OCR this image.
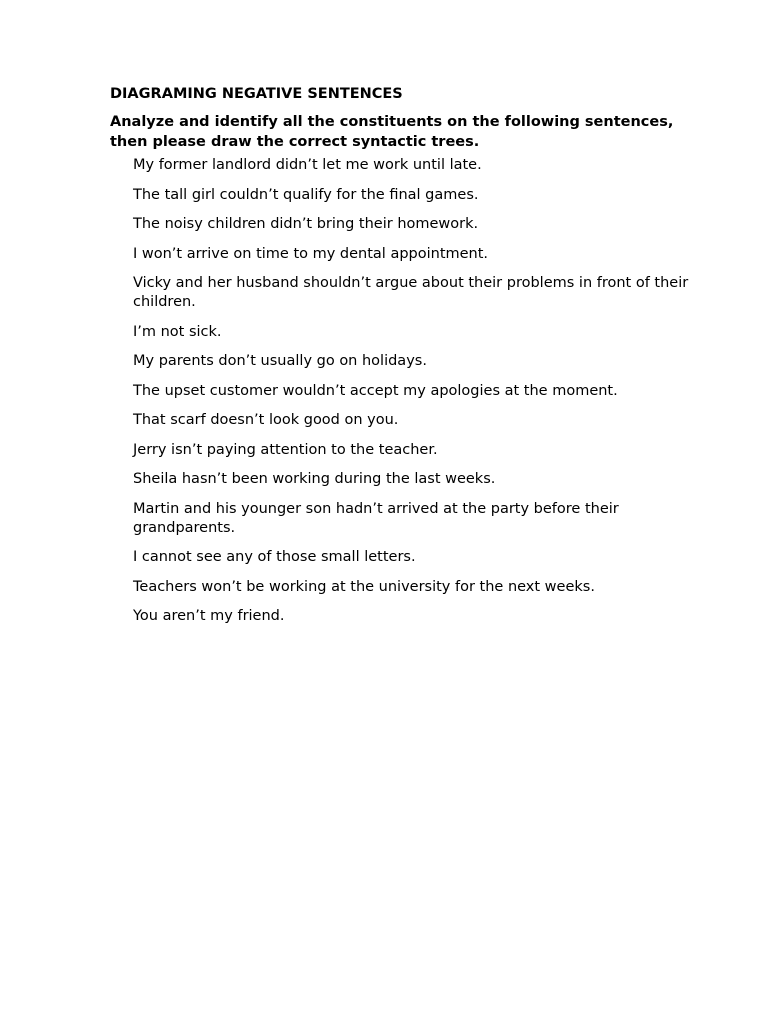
DIAGRAMING NEGATIVE SENTENCES
Analyze and identify all the constituents on the following sentences, then please draw the correct syntactic trees.
My former landlord didn’t let me work until late.
The tall girl couldn’t qualify for the final games.
The noisy children didn’t bring their homework.
I won’t arrive on time to my dental appointment.
Vicky and her husband shouldn’t argue about their problems in front of their children.
I’m not sick.
My parents don’t usually go on holidays.
The upset customer wouldn’t accept my apologies at the moment.
That scarf doesn’t look good on you.
Jerry isn’t paying attention to the teacher.
Sheila hasn’t been working during the last weeks.
Martin and his younger son hadn’t arrived at the party before their grandparents.
I cannot see any of those small letters.
Teachers won’t be working at the university for the next weeks.
You aren’t my friend.
